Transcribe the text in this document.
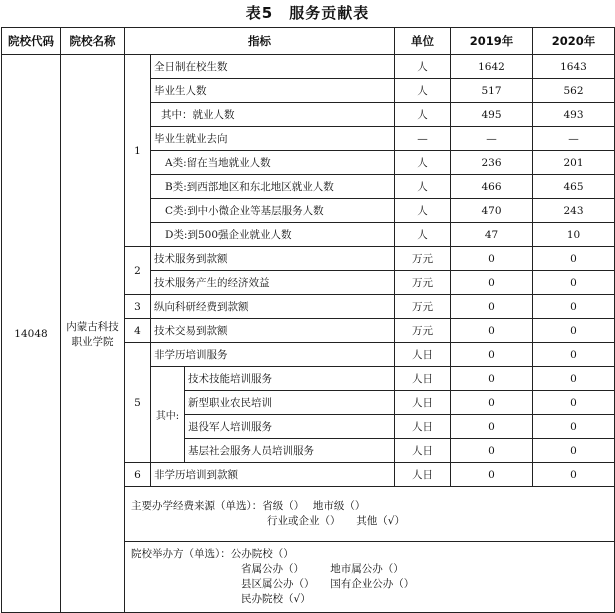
表5　服务贡献表
院校代码	院校名称	指标			单位	2019年	2020年
14048	内蒙古科技职业学院	1	全日制在校生数		人	1642	1643
			毕业生人数		人	517	562
			其中：就业人数		人	495	493
			毕业生就业去向		—	—	—
			A类:留在当地就业人数		人	236	201
			B类:到西部地区和东北地区就业人数		人	466	465
			C类:到中小微企业等基层服务人数		人	470	243
			D类:到500强企业就业人数		人	47	10
		2	技术服务到款额		万元	0	0
			技术服务产生的经济效益		万元	0	0
		3	纵向科研经费到款额		万元	0	0
		4	技术交易到款额		万元	0	0
		5	非学历培训服务		人日	0	0
			其中:	技术技能培训服务	人日	0	0
				新型职业农民培训	人日	0	0
				退役军人培训服务	人日	0	0
				基层社会服务人员培训服务	人日	0	0
		6	非学历培训到款额		人日	0	0

		主要办学经费来源（单选）：省级（）　 地市级（）
行业或企业（）　　其他（√）					

		院校举办方（单选）：公办院校（）
省属公办（）　　　地市属公办（）
县区属公办（）　　国有企业公办（）
民办院校（√）					
